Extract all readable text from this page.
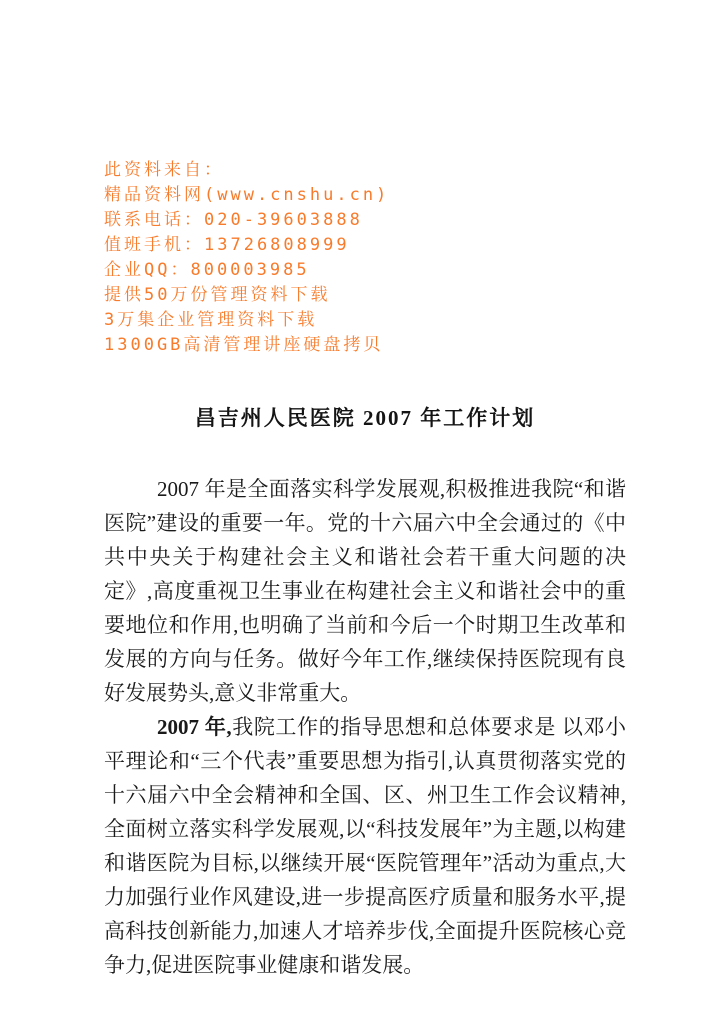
此资料来自：
精品资料网(www.cnshu.cn)
联系电话：020-39603888
值班手机：13726808999
企业QQ：800003985
提供50万份管理资料下载
3万集企业管理资料下载
1300GB高清管理讲座硬盘拷贝
昌吉州人民医院 2007 年工作计划

2007 年是全面落实科学发展观,积极推进我院“和谐医院”建设的重要一年。党的十六届六中全会通过的《中共中央关于构建社会主义和谐社会若干重大问题的决定》,高度重视卫生事业在构建社会主义和谐社会中的重要地位和作用,也明确了当前和今后一个时期卫生改革和发展的方向与任务。做好今年工作,继续保持医院现有良好发展势头,意义非常重大。

2007 年,我院工作的指导思想和总体要求是 以邓小平理论和“三个代表”重要思想为指引,认真贯彻落实党的十六届六中全会精神和全国、区、州卫生工作会议精神,全面树立落实科学发展观,以“科技发展年”为主题,以构建和谐医院为目标,以继续开展“医院管理年”活动为重点,大力加强行业作风建设,进一步提高医疗质量和服务水平,提高科技创新能力,加速人才培养步伐,全面提升医院核心竞争力,促进医院事业健康和谐发展。
